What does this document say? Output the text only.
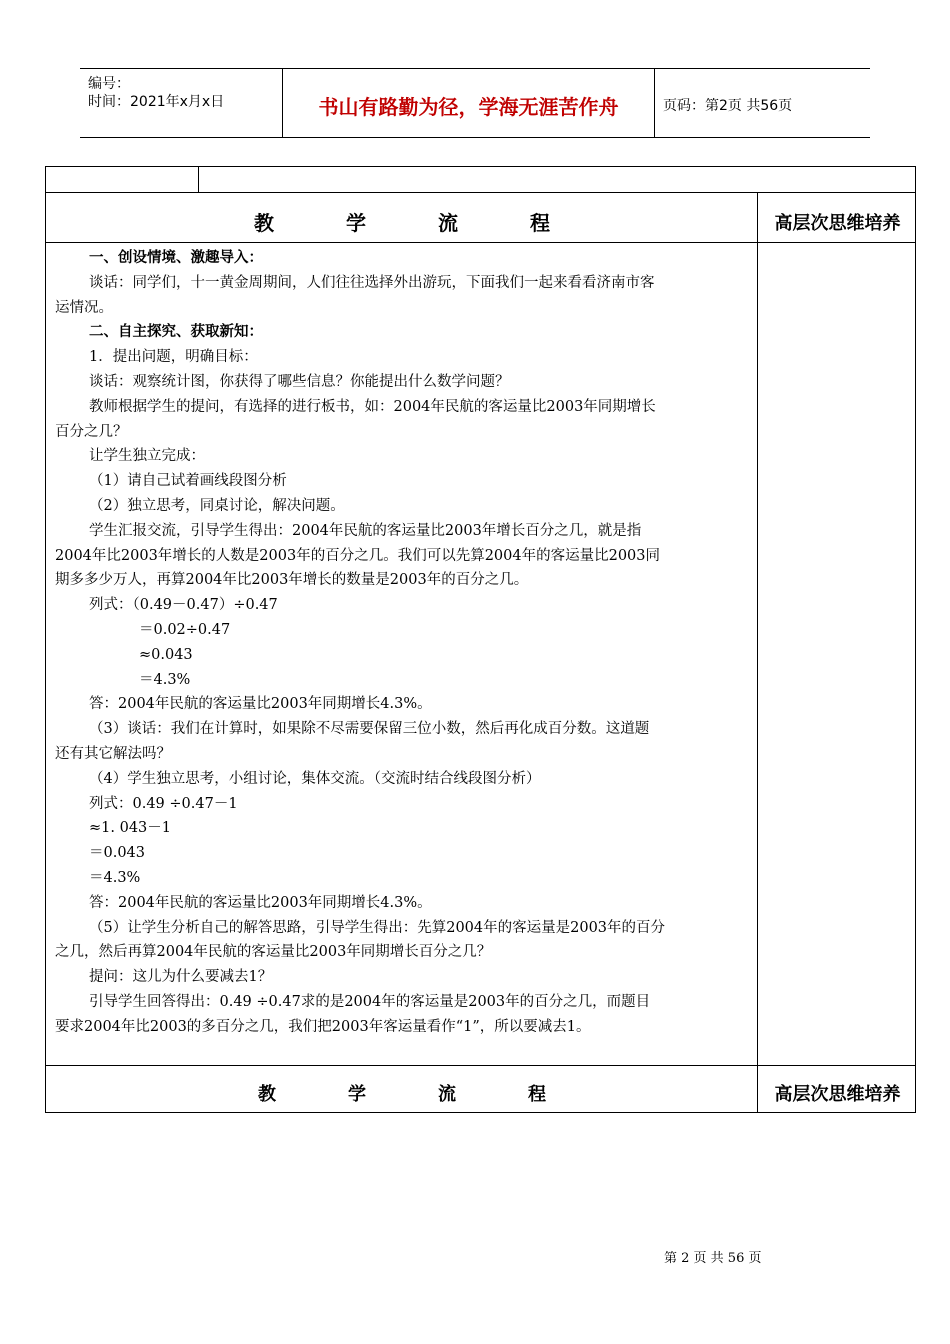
编号：
时间：2021年x月x日	书山有路勤为径，学海无涯苦作舟	页码：第2页 共56页
教	学	流	程	高层次思维培养
教	学	流	程	高层次思维培养

一、创设情境、激趣导入：

谈话：同学们，十一黄金周期间，人们往往选择外出游玩，下面我们一起来看看济南市客

运情况。

二、自主探究、获取新知：

1．提出问题，明确目标：

谈话：观察统计图，你获得了哪些信息？你能提出什么数学问题？

教师根据学生的提问，有选择的进行板书，如：2004年民航的客运量比2003年同期增长

百分之几？

让学生独立完成：

（1）请自己试着画线段图分析

（2）独立思考，同桌讨论，解决问题。

学生汇报交流，引导学生得出：2004年民航的客运量比2003年增长百分之几，就是指

2004年比2003年增长的人数是2003年的百分之几。我们可以先算2004年的客运量比2003同

期多多少万人，再算2004年比2003年增长的数量是2003年的百分之几。

列式：（0.49－0.47）÷0.47

＝0.02÷0.47

≈0.043

＝4.3%

答：2004年民航的客运量比2003年同期增长4.3%。

（3）谈话：我们在计算时，如果除不尽需要保留三位小数，然后再化成百分数。这道题

还有其它解法吗？

（4）学生独立思考，小组讨论，集体交流。（交流时结合线段图分析）

列式：0.49 ÷0.47－1

≈1. 043－1

＝0.043

＝4.3%

答：2004年民航的客运量比2003年同期增长4.3%。

（5）让学生分析自己的解答思路，引导学生得出：先算2004年的客运量是2003年的百分

之几，然后再算2004年民航的客运量比2003年同期增长百分之几？

提问：这儿为什么要减去1？

引导学生回答得出：0.49 ÷0.47求的是2004年的客运量是2003年的百分之几，而题目

要求2004年比2003的多百分之几，我们把2003年客运量看作“1”，所以要减去1。

第 2 页 共 56 页
